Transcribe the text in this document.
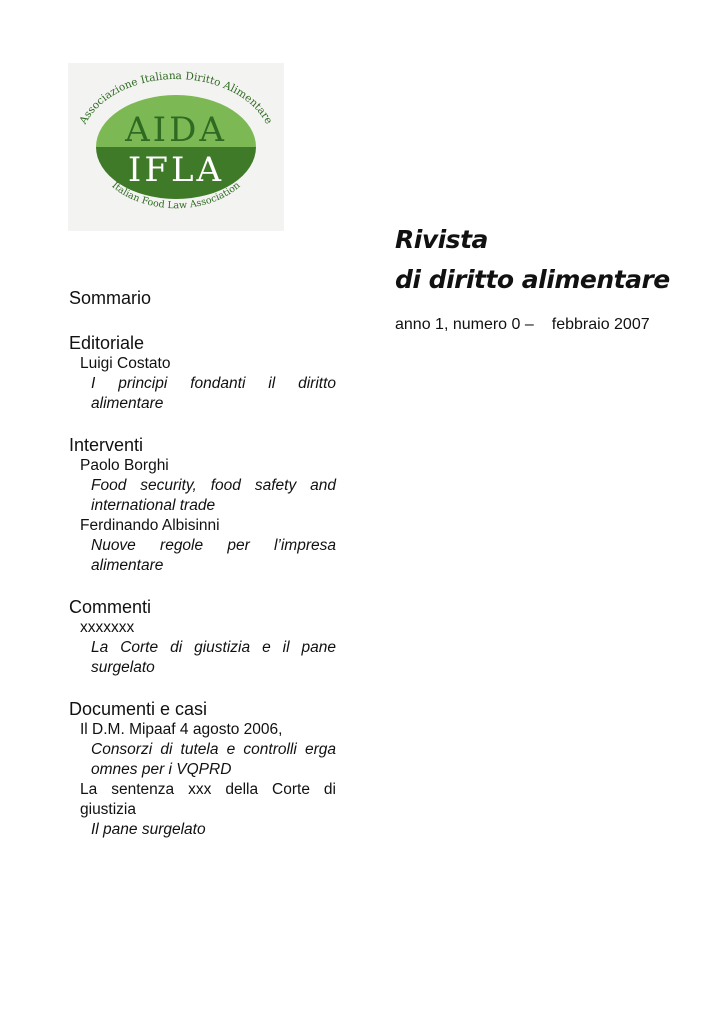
Associazione Italiana Diritto Alimentare
Italian Food Law Association
AIDA
IFLA
Rivista
di diritto alimentare
anno 1, numero 0 – febbraio 2007
Sommario
Editoriale
Luigi Costato
I principi fondanti il diritto alimentare
Interventi
Paolo Borghi
Food security, food safety and international trade
Ferdinando Albisinni
Nuove regole per l’impresa alimentare
Commenti
xxxxxxx
La Corte di giustizia e il pane surgelato
Documenti e casi
Il D.M. Mipaaf 4 agosto 2006,
Consorzi di tutela e controlli erga omnes per i VQPRD
La sentenza xxx della Corte di giustizia
Il pane surgelato
